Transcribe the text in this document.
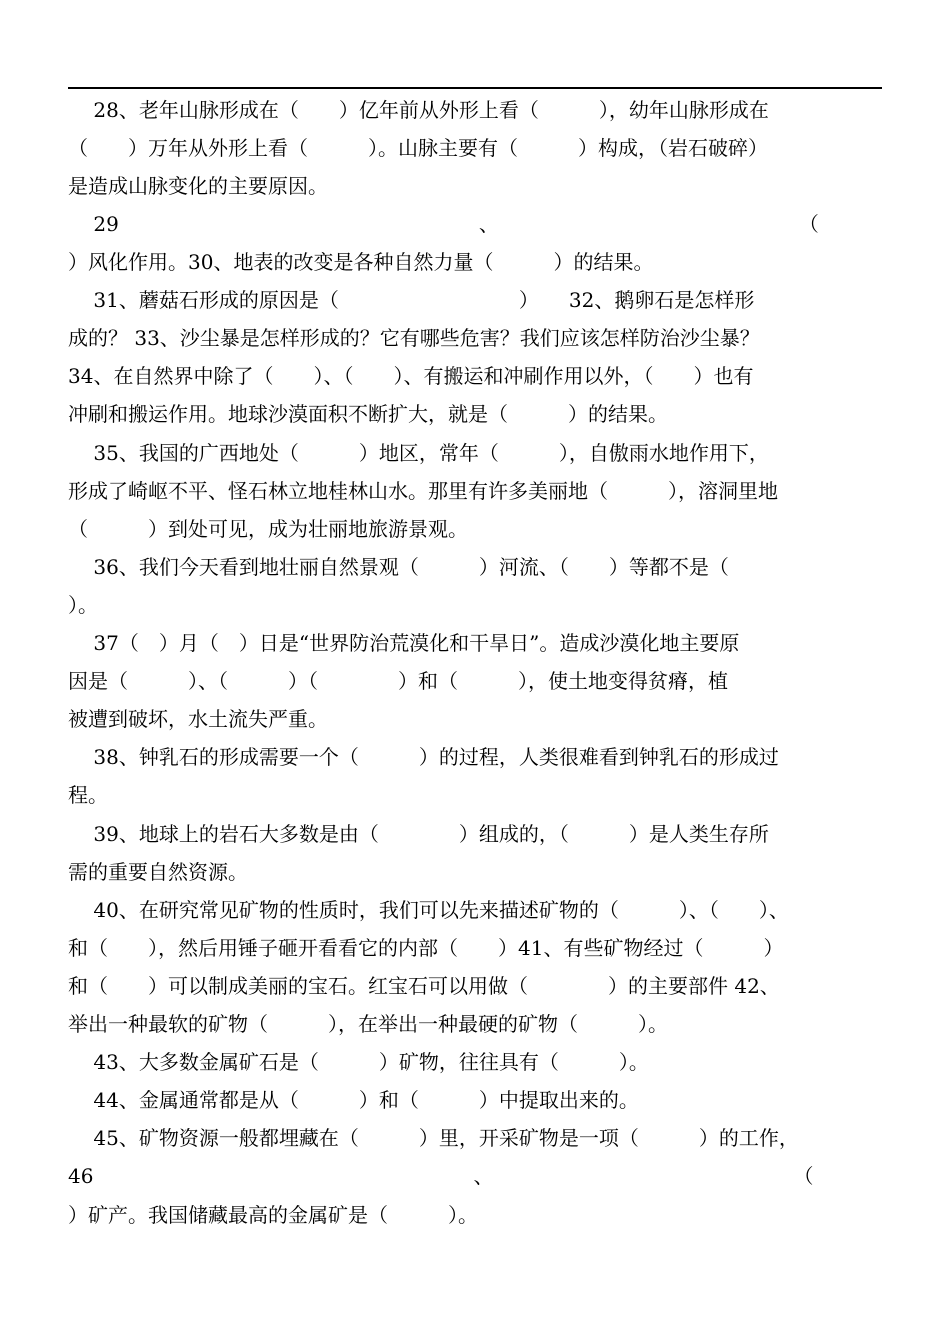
28、老年山脉形成在（　　）亿年前从外形上看（　　　），幼年山脉形成在
（　　）万年从外形上看（　　　）。山脉主要有（　　　）构成，（岩石破碎）
是造成山脉变化的主要原因。
29　　　　　　　　　　　　　　　　　　、　　　　　　　　　　　　　　　　（
）风化作用。30、地表的改变是各种自然力量（　　　）的结果。
31、蘑菇石形成的原因是（　　　　　　　　　）　　32、鹅卵石是怎样形
成的？ 33、沙尘暴是怎样形成的？它有哪些危害？我们应该怎样防治沙尘暴？
34、在自然界中除了（　　）、（　　）、有搬运和冲刷作用以外，（　　）也有
冲刷和搬运作用。地球沙漠面积不断扩大，就是（　　　）的结果。
35、我国的广西地处（　　　）地区，常年（　　　），自傲雨水地作用下，
形成了崎岖不平、怪石林立地桂林山水。那里有许多美丽地（　　　），溶洞里地
（　　　）到处可见，成为壮丽地旅游景观。
36、我们今天看到地壮丽自然景观（　　　）河流、（　　）等都不是（
）。
37（　）月（　）日是“世界防治荒漠化和干旱日”。造成沙漠化地主要原
因是（　　　）、（　　　）（　　　　）和（　　　），使土地变得贫瘠，植
被遭到破坏，水土流失严重。
38、钟乳石的形成需要一个（　　　）的过程，人类很难看到钟乳石的形成过
程。
39、地球上的岩石大多数是由（　　　　）组成的，（　　　）是人类生存所
需的重要自然资源。
40、在研究常见矿物的性质时，我们可以先来描述矿物的（　　　）、（　　）、
和（　　），然后用锤子砸开看看它的内部（　　）41、有些矿物经过（　　　）
和（　　）可以制成美丽的宝石。红宝石可以用做（　　　　）的主要部件 42、
举出一种最软的矿物（　　　），在举出一种最硬的矿物（　　　）。
43、大多数金属矿石是（　　　）矿物，往往具有（　　　）。
44、金属通常都是从（　　　）和（　　　）中提取出来的。
45、矿物资源一般都埋藏在（　　　）里，开采矿物是一项（　　　）的工作，
46　　　　　　　　　　　　　　　　　　　、　　　　　　　　　　　　　　　　（
）矿产。我国储藏最高的金属矿是（　　　）。
